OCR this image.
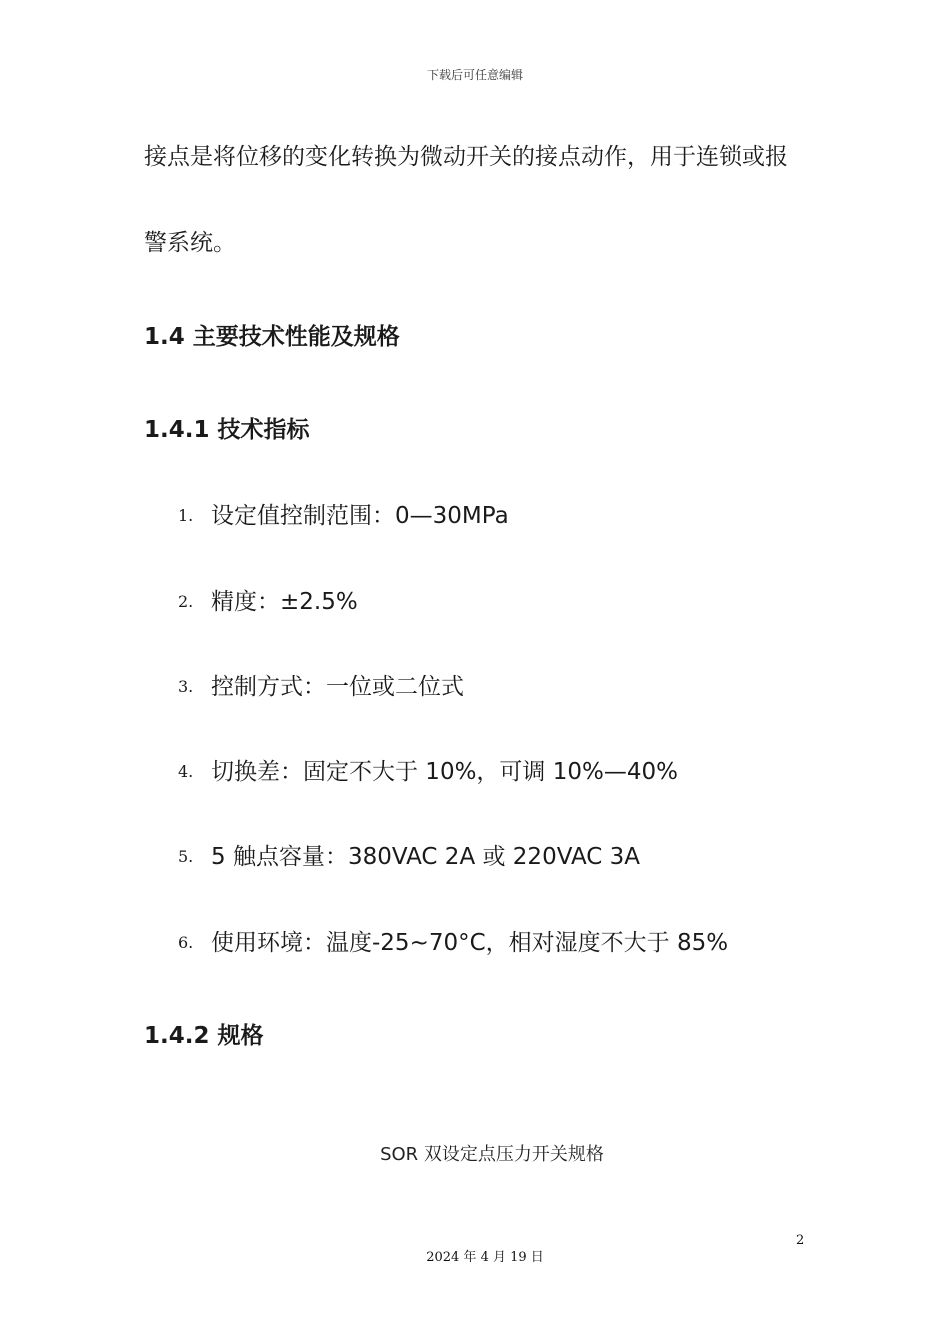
下载后可任意编辑
接点是将位移的变化转换为微动开关的接点动作，用于连锁或报
警系统。
1.4 主要技术性能及规格
1.4.1 技术指标
1. 设定值控制范围：0—30MPa
2. 精度：±2.5%
3. 控制方式：一位或二位式
4. 切换差：固定不大于 10%，可调 10%—40%
5. 5 触点容量：380VAC 2A 或 220VAC 3A
6. 使用环境：温度-25~70°C，相对湿度不大于 85%
1.4.2 规格
SOR 双设定点压力开关规格
2
2024 年 4 月 19 日
